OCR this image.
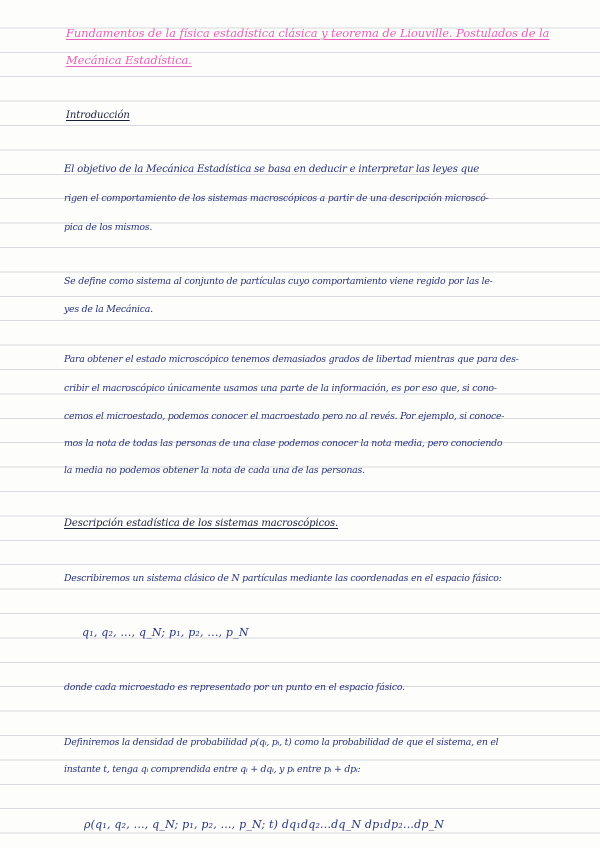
Fundamentos de la física estadística clásica y teorema de Liouville. Postulados de la

Mecánica Estadística.

Introducción

El objetivo de la Mecánica Estadística se basa en deducir e interpretar las leyes que

rigen el comportamiento de los sistemas macroscópicos a partir de una descripción microscó-

pica de los mismos.

Se define como sistema al conjunto de partículas cuyo comportamiento viene regido por las le-

yes de la Mecánica.

Para obtener el estado microscópico tenemos demasiados grados de libertad mientras que para des-

cribir el macroscópico únicamente usamos una parte de la información, es por eso que, si cono-

cemos el microestado, podemos conocer el macroestado pero no al revés. Por ejemplo, si conoce-

mos la nota de todas las personas de una clase podemos conocer la nota media, pero conociendo

la media no podemos obtener la nota de cada una de las personas.

Descripción estadística de los sistemas macroscópicos.

Describiremos un sistema clásico de N partículas mediante las coordenadas en el espacio fásico:

q₁, q₂, ..., q_N; p₁, p₂, ..., p_N

donde cada microestado es representado por un punto en el espacio fásico.

Definiremos la densidad de probabilidad ρ(qᵢ, pᵢ, t) como la probabilidad de que el sistema, en el

instante t, tenga qᵢ comprendida entre qᵢ + dqᵢ, y pᵢ entre pᵢ + dpᵢ:

ρ(q₁, q₂, ..., q_N; p₁, p₂, ..., p_N; t) dq₁dq₂...dq_N dp₁dp₂...dp_N
